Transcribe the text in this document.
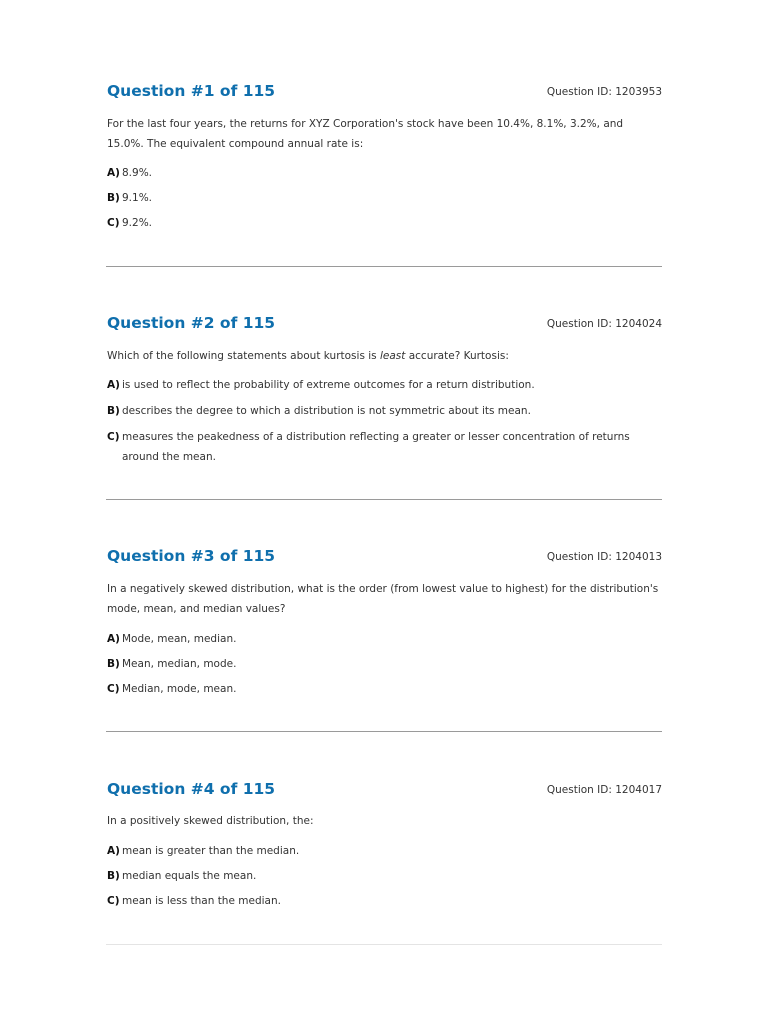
Question #1 of 115	Question ID: 1203953

For the last four years, the returns for XYZ Corporation's stock have been 10.4%, 8.1%, 3.2%, and 15.0%. The equivalent compound annual rate is:

A) 8.9%.
B) 9.1%.
C) 9.2%.
Question #2 of 115	Question ID: 1204024

Which of the following statements about kurtosis is least accurate? Kurtosis:

A) is used to reflect the probability of extreme outcomes for a return distribution.
B) describes the degree to which a distribution is not symmetric about its mean.
C) measures the peakedness of a distribution reflecting a greater or lesser concentration of returns around the mean.
Question #3 of 115	Question ID: 1204013

In a negatively skewed distribution, what is the order (from lowest value to highest) for the distribution's mode, mean, and median values?

A) Mode, mean, median.
B) Mean, median, mode.
C) Median, mode, mean.
Question #4 of 115	Question ID: 1204017

In a positively skewed distribution, the:

A) mean is greater than the median.
B) median equals the mean.
C) mean is less than the median.
